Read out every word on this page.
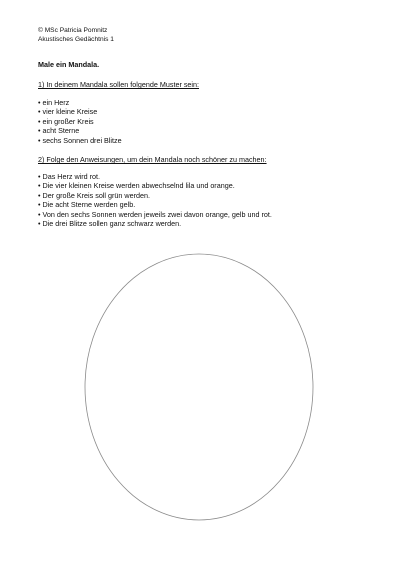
© MSc Patricia Pomnitz
Akustisches Gedächtnis 1
Male ein Mandala.
1) In deinem Mandala sollen folgende Muster sein:
• ein Herz
• vier kleine Kreise
• ein großer Kreis
• acht Sterne
• sechs Sonnen drei Blitze
2) Folge den Anweisungen, um dein Mandala noch schöner zu machen:
• Das Herz wird rot.
• Die vier kleinen Kreise werden abwechselnd lila und orange.
• Der große Kreis soll grün werden.
• Die acht Sterne werden gelb.
• Von den sechs Sonnen werden jeweils zwei davon orange, gelb und rot.
• Die drei Blitze sollen ganz schwarz werden.
